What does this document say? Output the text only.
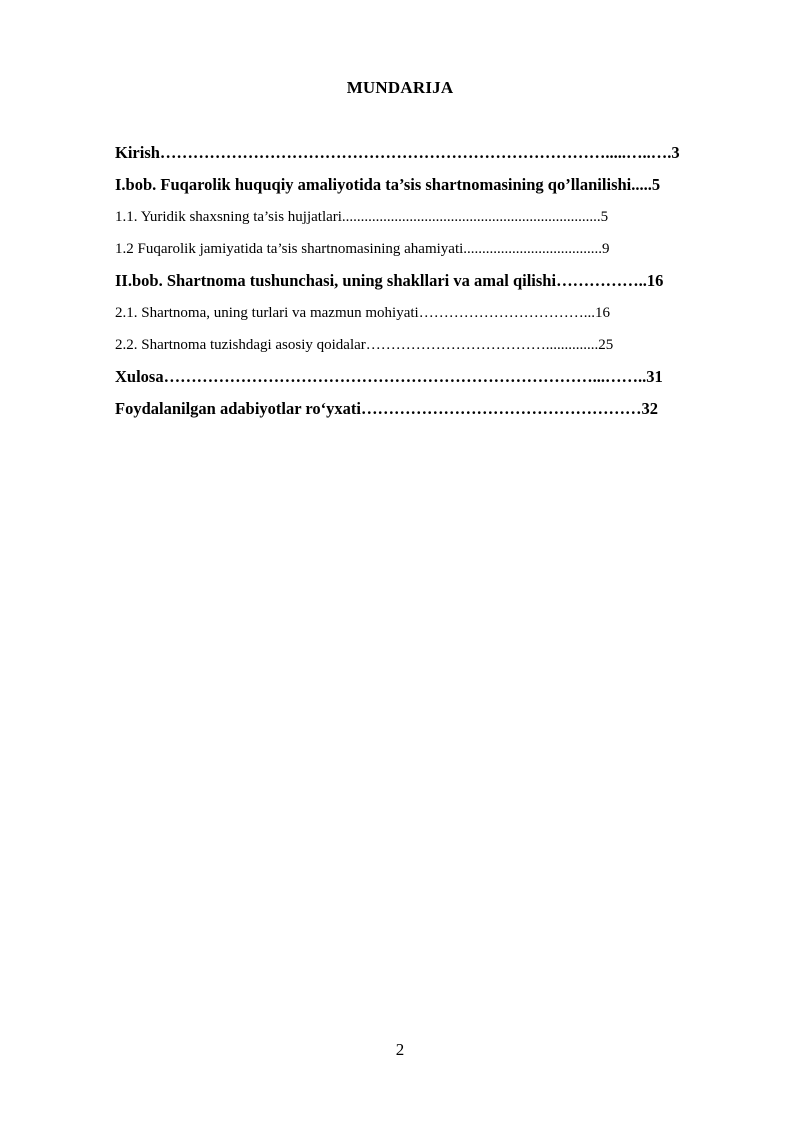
MUNDARIJA
Kirish……………………………………………………………………….....…..….3
I.bob. Fuqarolik huquqiy amaliyotida ta’sis shartnomasining qo’llanilishi.....5
1.1. Yuridik shaxsning ta’sis hujjatlari.....................................................................5
1.2 Fuqarolik jamiyatida ta’sis shartnomasining ahamiyati.....................................9
II.bob. Shartnoma tushunchasi, uning shakllari va amal qilishi……………..16
2.1. Shartnoma, uning turlari va mazmun mohiyati……………………………...16
2.2. Shartnoma tuzishdagi asosiy qoidalar………………………………..............25
Xulosa……………………………………………………………………...……..31
Foydalanilgan adabiyotlar ro‘yxati……………………………………………32
2
